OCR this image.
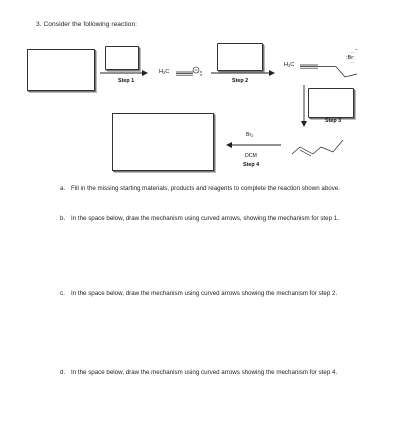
3. Consider the following reaction:
Step 1	Step 2
Step 3
Step 4
$H_3C$
$H_3C$
:Br:
−
··
··
$Br_2$
DCM
a. Fill in the missing starting materials, products and reagents to complete the reaction shown above.
b. In the space below, draw the mechanism using curved arrows, showing the mechanism for step 1.
c. In the space below, draw the mechanism using curved arrows showing the mechanism for step 2.
d. In the space below, draw the mechanism using curved arrows showing the mechanism for step 4.
